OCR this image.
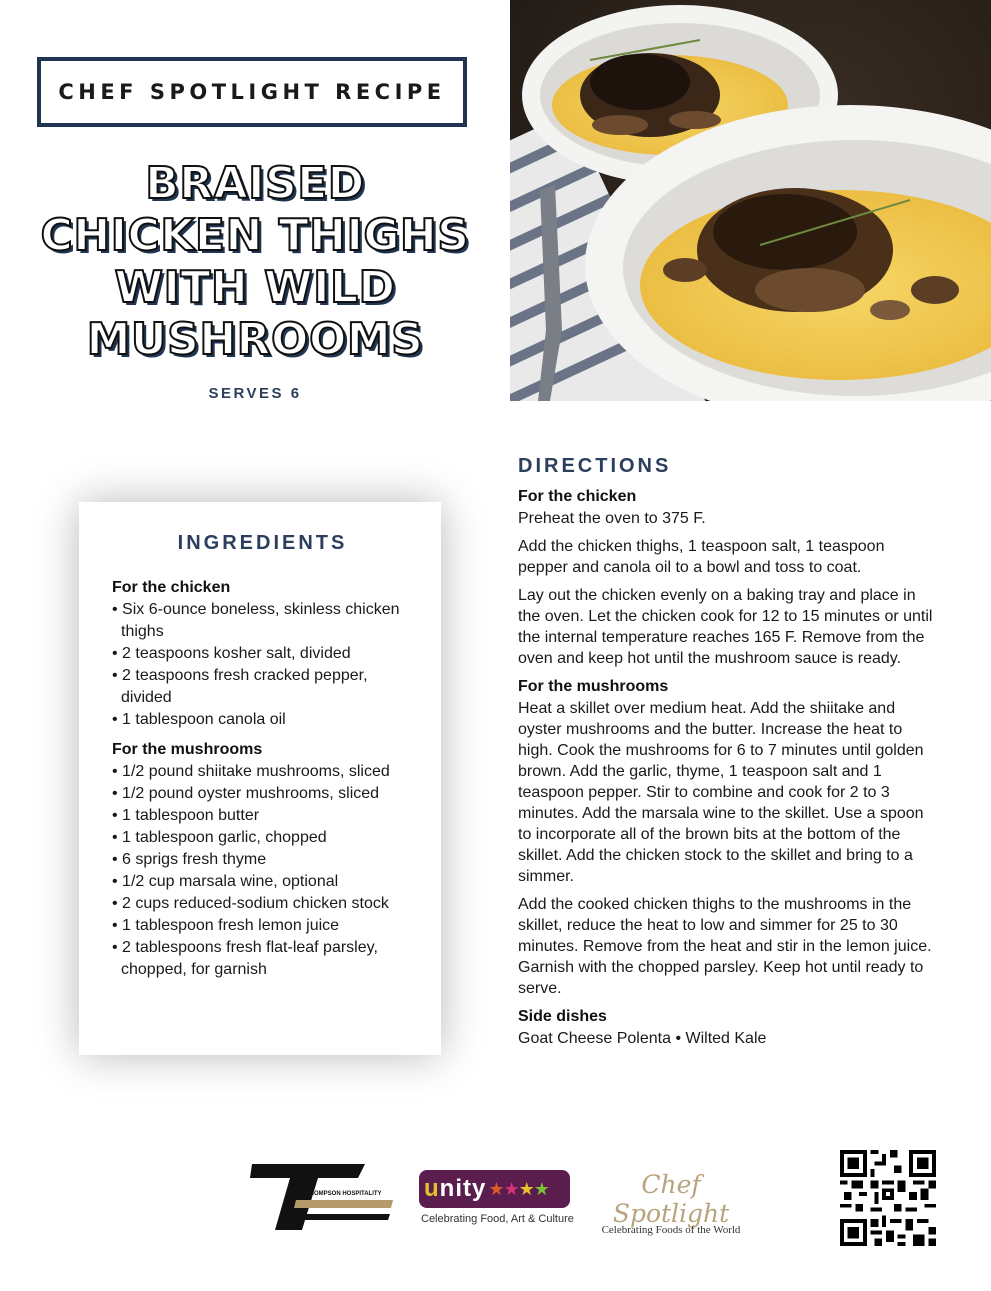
CHEF SPOTLIGHT RECIPE
BRAISED
CHICKEN THIGHS
WITH WILD
MUSHROOMS
SERVES 6
INGREDIENTS
For the chicken
• Six 6-ounce boneless, skinless chicken thighs
• 2 teaspoons kosher salt, divided
• 2 teaspoons fresh cracked pepper, divided
• 1 tablespoon canola oil
For the mushrooms
• 1/2 pound shiitake mushrooms, sliced
• 1/2 pound oyster mushrooms, sliced
• 1 tablespoon butter
• 1 tablespoon garlic, chopped
• 6 sprigs fresh thyme
• 1/2 cup marsala wine, optional
• 2 cups reduced-sodium chicken stock
• 1 tablespoon fresh lemon juice
• 2 tablespoons fresh flat-leaf parsley, chopped, for garnish
DIRECTIONS
For the chicken

Preheat the oven to 375 F.

Add the chicken thighs, 1 teaspoon salt, 1 teaspoon pepper and canola oil to a bowl and toss to coat.

Lay out the chicken evenly on a baking tray and place in the oven. Let the chicken cook for 12 to 15 minutes or until the internal temperature reaches 165 F. Remove from the oven and keep hot until the mushroom sauce is ready.

For the mushrooms

Heat a skillet over medium heat. Add the shiitake and oyster mushrooms and the butter. Increase the heat to high. Cook the mushrooms for 6 to 7 minutes until golden brown. Add the garlic, thyme, 1 teaspoon salt and 1 teaspoon pepper. Stir to combine and cook for 2 to 3 minutes. Add the marsala wine to the skillet. Use a spoon to incorporate all of the brown bits at the bottom of the skillet. Add the chicken stock to the skillet and bring to a simmer.

Add the cooked chicken thighs to the mushrooms in the skillet, reduce the heat to low and simmer for 25 to 30 minutes. Remove from the heat and stir in the lemon juice. Garnish with the chopped parsley. Keep hot until ready to serve.

Side dishes

Goat Cheese Polenta • Wilted Kale

THOMPSON HOSPITALITY unity ★★★★
Celebrating Food, Art & Culture
Chef Spotlight
Celebrating Foods of the World
